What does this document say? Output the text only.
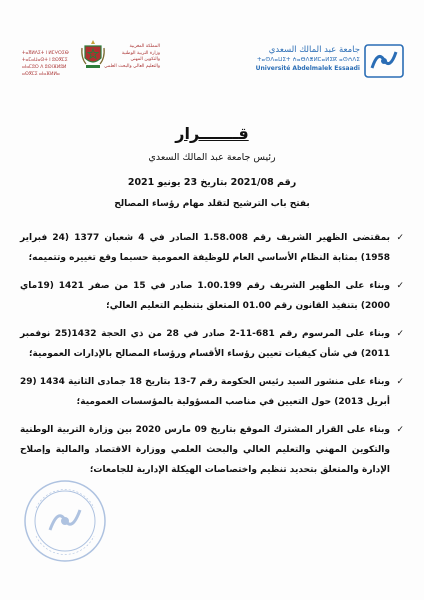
جامعة عبد المالك السعدي
ⵜⴰⵙⴷⴰⵡⵉⵜ ⵄⴰⴱⴷⴻⵍⵎⴰⵍⵉⴽ ⴰⵙⵄⴷⵉ
Université Abdelmalek Essaadi
ⵜⴰⴳⵍⴷⵉⵜ ⵏ ⵍⵎⵖⵔⵉⴱ
ⵜⴰⵎⴰⵡⴰⵙⵜ ⵏ ⵓⵙⴳⵎⵉ
ⴰⵏⴰⵎⵓⵔ ⴷ ⵓⵙⵏⴼⵍⵓⵍ
ⴰⵙⴳⵎⵉ ⴰⵏⴰⴼⵍⵍⴰ
المملكة المغربية
وزارة التربية الوطنية
والتكوين المهني
والتعليم العالي والبحث العلمي
قـــــــرار
رئيس جامعة عبد المالك السعدي
رقم 2021/08 بتاريخ 23 يونيو 2021
بفتح باب الترشيح لتقلد مهام رؤساء المصالح
✓
بمقتضى الظهير الشريف رقم 1.58.008 الصادر في 4 شعبان 1377 (24 فبراير 1958) بمثابة النظام الأساسي العام للوظيفة العمومية حسبما وقع تغييره وتتميمه؛
✓
وبناء على الظهير الشريف رقم 1.00.199 صادر في 15 من صفر 1421 (19ماي 2000) بتنفيذ القانون رقم 01.00 المتعلق بتنظيم التعليم العالي؛
✓
وبناء على المرسوم رقم 681-11-2 صادر في 28 من ذي الحجة 1432(25 نوفمبر 2011) في شأن كيفيات تعيين رؤساء الأقسام ورؤساء المصالح بالإدارات العمومية؛
✓
وبناء على منشور السيد رئيس الحكومة رقم 7-13 بتاريخ 18 جمادى الثانية 1434 (29 أبريل 2013) حول التعيين في مناصب المسؤولية بالمؤسسات العمومية؛
✓
وبناء على القرار المشترك الموقع بتاريخ 09 مارس 2020 بين وزارة التربية الوطنية والتكوين المهني والتعليم العالي والبحث العلمي ووزارة الاقتصاد والمالية وإصلاح الإدارة والمتعلق بتحديد تنظيم واختصاصات الهيكلة الإدارية للجامعات؛
